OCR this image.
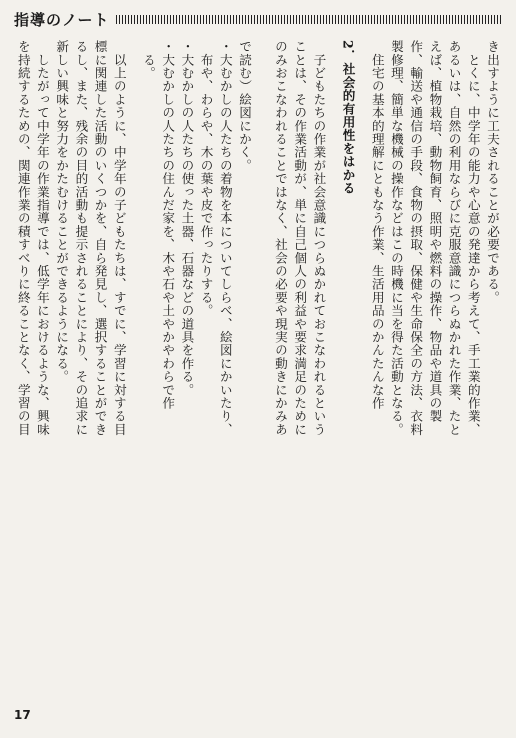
指導のノート

き出すように工夫されることが必要である。

　とくに、中学年の能力や心意の発達から考えて、手工業的作業、

あるいは、自然の利用ならびに克服意識につらぬかれた作業、たと

えば、植物栽培、動物飼育、照明や燃料の操作、物品や道具の製

作、輸送や通信の手段、食物の摂取、保健や生命保全の方法、衣料

製修理、簡単な機械の操作などはこの時機に当を得た活動となる。

　住宅の基本的理解にともなう作業、生活用品のかんたんな作

2．社会的有用性をはかる

　子どもたちの作業が社会意識につらぬかれておこなわれるという

ことは、その作業活動が、単に自己個人の利益や要求満足のために

のみおこなわれることではなく、社会の必要や現実の動きにかみあ

で読む）絵図にかく。

・大むかしの人たちの着物を本についてしらべ、絵図にかいたり、

　布や、わらや、木の葉や皮で作ったりする。

・大むかしの人たちの使った土器、石器などの道具を作る。

・大むかしの人たちの住んだ家を、木や石や土やかやわらで作

　る。

　以上のように、中学年の子どもたちは、すでに、学習に対する目

標に関連した活動のいくつかを、自ら発見し、選択することができ

るし、また、残余の目的活動も提示されることにより、その追求に

新しい興味と努力をかたむけることができるようになる。

　したがって中学年の作業指導では、低学年におけるような、興味

を持続するための、関連作業の積すべりに終ることなく、学習の目

17
